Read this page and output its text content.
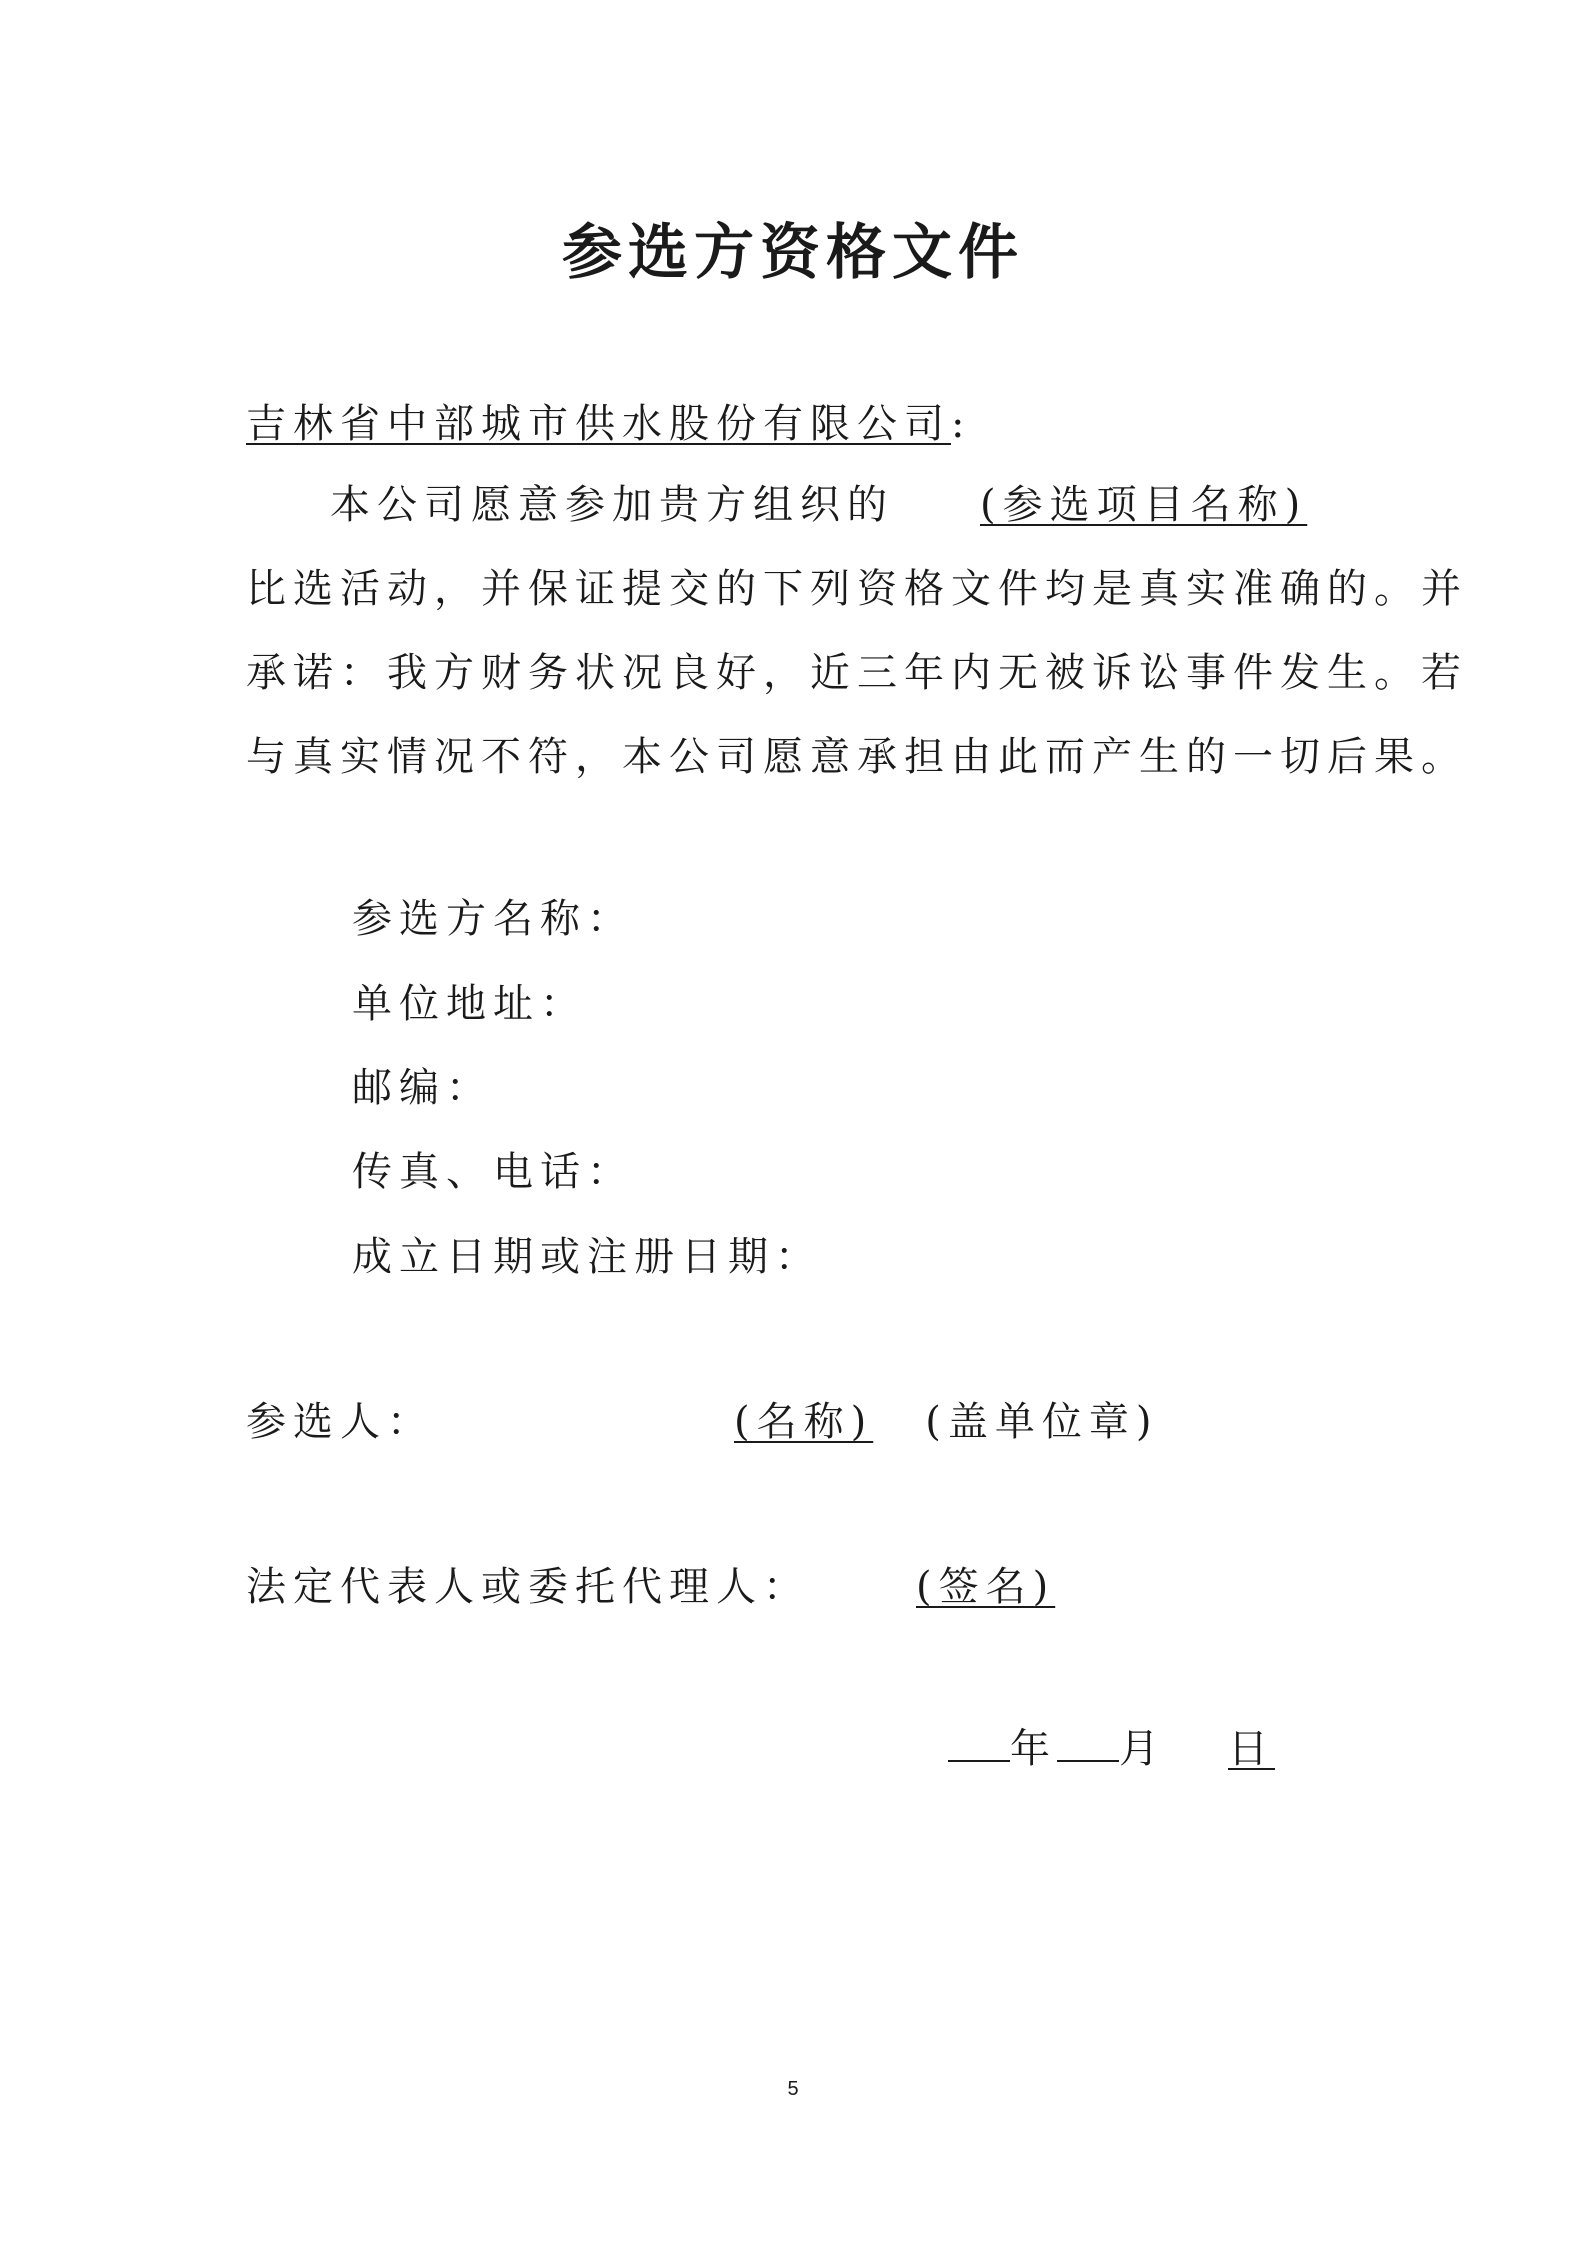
参选方资格文件
吉林省中部城市供水股份有限公司:
本公司愿意参加贵方组织的 (参选项目名称)
比选活动，并保证提交的下列资格文件均是真实准确的。并
承诺：我方财务状况良好，近三年内无被诉讼事件发生。若
与真实情况不符，本公司愿意承担由此而产生的一切后果。
参选方名称：
单位地址：
邮编：
传真、电话：
成立日期或注册日期：
参选人：	(名称) (盖单位章)
法定代表人或委托代理人：	(签名)
年 月 日
5
